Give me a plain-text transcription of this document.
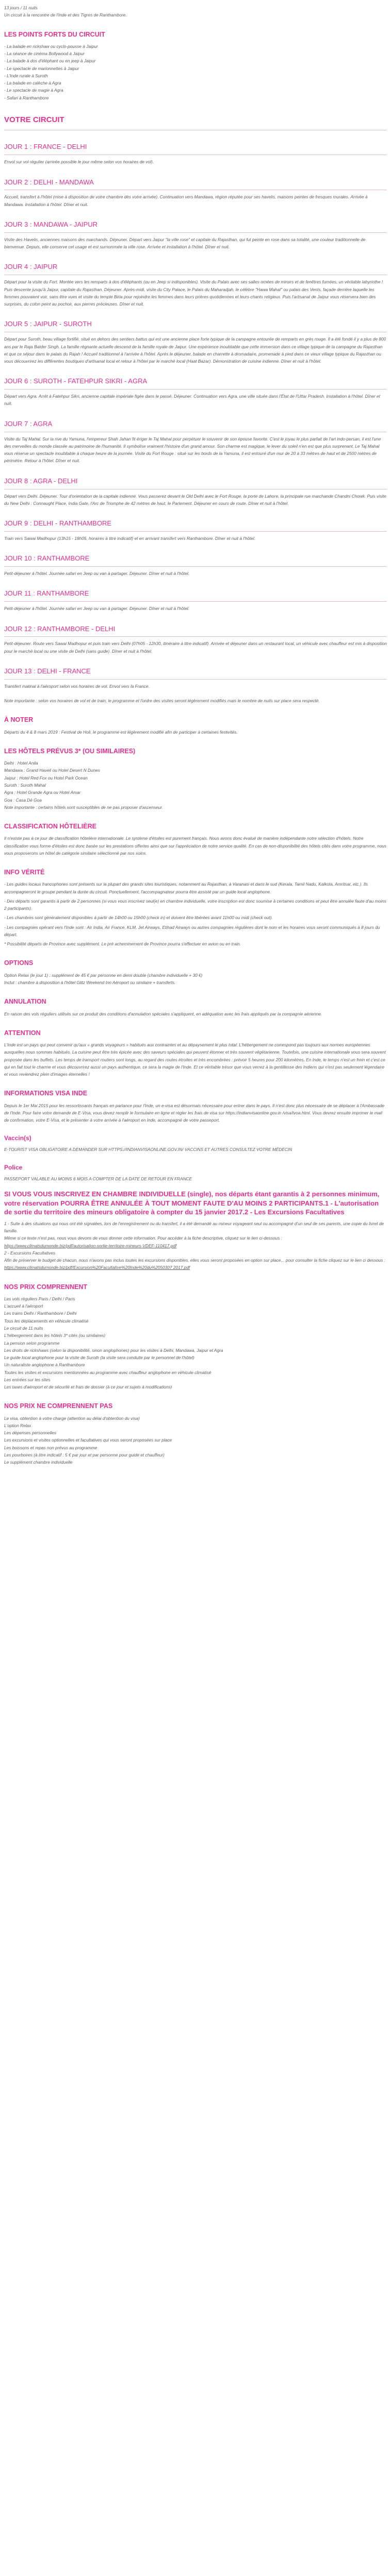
13 jours / 11 nuits
Un circuit à la rencontre de l'Inde et des Tigres de Ranthambore.
LES POINTS FORTS DU CIRCUIT
- La balade en rickshaw ou cyclo-pousse à Jaipur
- La séance de cinéma Bollywood à Jaipur
- La balade à dos d'éléphant ou en jeep à Jaipur
- Le spectacle de marionnettes à Jaipur
- L'Inde rurale à Suroth
- La balade en calèche à Agra
- Le spectacle de magie à Agra
- Safari à Ranthambore
VOTRE CIRCUIT
JOUR 1 : FRANCE - DELHI
Envol sur vol régulier (arrivée possible le jour même selon vos horaires de vol).
JOUR 2 : DELHI - MANDAWA
Accueil, transfert à l'hôtel (mise à disposition de votre chambre dès votre arrivée). Continuation vers Mandawa, région réputée pour ses havelis, maisons peintes de fresques murales. Arrivée à Mandawa. Installation à l'hôtel. Dîner et nuit.
JOUR 3 : MANDAWA - JAIPUR
Visite des Havelis, anciennes maisons des marchands. Déjeuner. Départ vers Jaipur "la ville rose" et capitale du Rajasthan, qui fut peinte en rose dans sa totalité, une couleur traditionnelle de bienvenue. Depuis, elle conserve cet usage et est surnommée la ville rose. Arrivée et installation à l'hôtel. Dîner et nuit.
JOUR 4 : JAIPUR
Départ pour la visite du Fort. Montée vers les remparts à dos d'éléphants (ou en Jeep si indisponibles). Visite du Palais avec ses salles ornées de miroirs et de fenêtres fumées, un véritable labyrinthe ! Puis descente jusqu'à Jaipur, capitale du Rajasthan. Déjeuner. Après-midi, visite du City Palace, le Palais du Maharadjah, le célèbre "Hawa Mahal" ou palais des Vents, façade derrière laquelle les femmes pouvaient voir, sans être vues et visite du temple Birla pour rejoindre les femmes dans leurs prières quotidiennes et leurs chants religieux. Puis l'artisanat de Jaipur vous réservera bien des surprises, du coton peint au pochoir, aux pierres précieuses. Dîner et nuit.
JOUR 5 : JAIPUR - SUROTH
Départ pour Suroth, beau village fortifié, situé en dehors des sentiers battus qui est une ancienne place forte typique de la campagne entourée de remparts en grès rouge. Il a été fondé il y a plus de 800 ans par le Raja Balder Singh. La famille régnante actuelle descend de la famille royale de Jaipur. Une expérience inoubliable que cette immersion dans ce village typique de la campagne du Rajasthan et que ce séjour dans le palais du Rajah ! Accueil traditionnel à l'arrivée à l'hôtel. Après le déjeuner, balade en charrette à dromadaire, promenade à pied dans ce vieux village typique du Rajasthan ou vous découvrirez les différentes boutiques d'artisanat local et retour à l'hôtel par le marché local (Haat Bazar). Démonstration de cuisine indienne. Dîner et nuit à l'hôtel.
JOUR 6 : SUROTH - FATEHPUR SIKRI - AGRA
Départ vers Agra. Arrêt à Fatehpur Sikri, ancienne capitale impériale figée dans le passé. Déjeuner. Continuation vers Agra, une ville située dans l'État de l'Uttar Pradesh. Installation à l'hôtel. Dîner et nuit.
JOUR 7 : AGRA
Visite du Taj Mahal. Sur la rive du Yamuna, l'empereur Shah Jahan fit ériger le Taj Mahal pour perpétuer le souvenir de son épouse favorite. C'est le joyau le plus parfait de l'art indo-persan, il est l'une des merveilles du monde classée au patrimoine de l'humanité. Il symbolise vraiment l'histoire d'un grand amour. Son charme est magique, le lever du soleil n'en est que plus surprenant. Le Taj Mahal vous réserve un spectacle inoubliable à chaque heure de la journée. Visite du Fort Rouge : situé sur les bords de la Yamuna, il est entouré d'un mur de 20 à 33 mètres de haut et de 2500 mètres de périmètre. Retour à l'hôtel. Dîner et nuit.
JOUR 8 : AGRA - DELHI
Départ vers Delhi. Déjeuner. Tour d'orientation de la capitale indienne. Vous passerez devant le Old Delhi avec le Fort Rouge, la porte de Lahore, la principale rue marchande Chandni Chowk. Puis visite du New Delhi : Connaught Place, India Gate, l'Arc de Triomphe de 42 mètres de haut, le Parlement. Déjeuner en cours de route. Dîner et nuit à l'hôtel.
JOUR 9 : DELHI - RANTHAMBORE
Train vers Sawai Madhopur (13h15 - 18h05, horaires à titre indicatif) et en arrivant transfert vers Ranthambore. Dîner et nuit à l'hôtel.
JOUR 10 : RANTHAMBORE
Petit-déjeuner à l'hôtel. Journée safari en Jeep ou van à partager. Déjeuner. Dîner et nuit à l'hôtel.
JOUR 11 : RANTHAMBORE
Petit-déjeuner à l'hôtel. Journée safari en Jeep ou van à partager. Déjeuner. Dîner et nuit à l'hôtel.
JOUR 12 : RANTHAMBORE - DELHI
Petit-déjeuner. Route vers Sawai Madhopur et puis train vers Delhi (07h05 - 12h30, itinéraire à titre indicatif). Arrivée et déjeuner dans un restaurant local, un véhicule avec chauffeur est mis à disposition pour le marché local ou une visite de Delhi (sans guide). Dîner et nuit à l'hôtel.
JOUR 13 : DELHI - FRANCE
Transfert matinal à l'aéroport selon vos horaires de vol. Envol vers la France.
Note importante : selon vos horaires de vol et de train, le programme et l'ordre des visites seront légèrement modifiés mais le nombre de nuits sur place sera respecté.
À NOTER
Départs du 4 & 8 mars 2019 : Festival de Holi, le programme est légèrement modifié afin de participer à certaines festivités.
LES HÔTELS PRÉVUS 3* (OU SIMILAIRES)
Delhi : Hotel Anila
Mandawa : Grand Haveli ou Hotel Desert N Dunes
Jaipur : Hotel Red Fox ou Hotel Park Ocean
Suroth : Suroth Mahal
Agra : Hotel Grande Agra ou Hotel Amar
Goa : Casa Dé Goa
Note importante : certains hôtels sont susceptibles de ne pas proposer d'ascenseur.
CLASSIFICATION HÔTELIÈRE
Il n'existe pas à ce jour de classification hôtelière internationale. Le système d'étoiles est purement français. Nous avons donc évalué de manière indépendante notre sélection d'hôtels. Notre classification vous forme d'étoiles est donc basée sur les prestations offertes ainsi que sur l'appréciation de notre service qualité. En cas de non-disponibilité des hôtels cités dans votre programme, nous vous proposerons un hôtel de catégorie similaire sélectionné par nos soins.
INFO VÉRITÉ
- Les guides locaux francophones sont présents sur la plupart des grands sites touristiques, notamment au Rajasthan, à Varanasi et dans le sud (Kerala, Tamil Nadu, Kalkota, Amritsar, etc.). Ils accompagneront le groupe pendant la durée du circuit. Ponctuellement, l'accompagnateur pourra être assisté par un guide local anglophone.
- Des départs sont garantis à partir de 2 personnes (si vous vous inscrivez seul(e) en chambre individuelle, votre inscription est donc soumise à certaines conditions et peut être annulée faute d'au moins 2 participants).
- Les chambres sont généralement disponibles à partir de 14h00 ou 15h00 (check in) et doivent être libérées avant 11h00 ou midi (check out).
- Les compagnies opérant vers l'Inde sont : Air India, Air France, KLM, Jet Airways, Etihad Airways ou autres compagnies régulières dont le nom et les horaires vous seront communiqués à 8 jours du départ.
* Possibilité départs de Province avec supplément. Le pré acheminement de Province pourra s'effectuer en avion ou en train.
OPTIONS
Option Relax (le jour 1) : supplément de 45 € par personne en demi double (chambre individuelle + 30 €)
Inclut : chambre à disposition à l'hôtel Glitz Weekend Inn Aéroport ou similaire + transferts.
ANNULATION
En raison des vols réguliers utilisés sur ce produit des conditions d'annulation spéciales s'appliquent, en adéquation avec les frais appliqués par la compagnie aérienne.
ATTENTION
L'Inde est un pays qui peut convenir qu'aux « grands voyageurs » habitués aux contraintes et au dépaysement le plus total. L'hébergement ne correspond pas toujours aux normes européennes auxquelles nous sommes habitués. La cuisine peut être très épicée avec des saveurs spéciales qui peuvent étonner et très souvent végétarienne. Toutefois, une cuisine internationale vous sera souvent proposée dans les buffets. Les temps de transport routiers sont longs, au regard des routes étroites et très encombrées : prévoir 5 heures pour 200 kilomètres. En Inde, le temps n'est un frein et c'est ce qui en fait tout le charme et vous découvrirez aussi un pays authentique, ce sera la magie de l'Inde. Et ce véritable trésor que vous verrez à la gentillesse des Indiens qui n'est pas seulement légendaire et vous reviendrez plein d'images éternelles !
INFORMATIONS VISA INDE
Depuis le 1er Mai 2015 pour les ressortissants français en partance pour l'Inde, un e-visa est désormais nécessaire pour entrer dans le pays. Il n'est donc plus nécessaire de se déplacer à l'Ambassade de l'Inde. Pour faire votre demande de E-Visa, vous devez remplir le formulaire en ligne et régler les frais de visa sur https://indianvisaonline.gov.in /visa/tvoa.html. Vous devrez ensuite imprimer le mail de confirmation, votre E-Visa, et le présenter à votre arrivée à l'aéroport en Inde, accompagné de votre passeport.
Vaccin(s)
E-TOURIST VISA OBLIGATOIRE A DEMANDER SUR HTTPS://INDIANVISAONLINE.GOV.IN/ VACCINS ET AUTRES CONSULTEZ VOTRE MÉDECIN
Police
PASSEPORT VALABLE AU MOINS 6 MOIS A COMPTER DE LA DATE DE RETOUR EN FRANCE
SI VOUS VOUS INSCRIVEZ EN CHAMBRE INDIVIDUELLE (single), nos départs étant garantis à 2 personnes minimum, votre réservation POURRA ÊTRE ANNULÉE À TOUT MOMENT FAUTE D'AU MOINS 2 PARTICIPANTS.1 - L'autorisation de sortie du territoire des mineurs obligatoire à compter du 15 janvier 2017.2 - Les Excursions Facultatives
1 - Suite à des situations qui nous ont été signalées, lors de l'enregistrement ou du transfert, il a été demandé au mineur voyageant seul ou accompagné d'un seul de ses parents, une copie du livret de famille.
Même si ce texte n'est pas, nous vous devons de vous donner cette information. Pour accéder à la fiche descriptive, cliquez sur le lien ci-dessous :
https://www.climatsdumonde.biz/pdf/autorisation-sortie-territoire-mineurs-VDEF-110417.pdf
2 - Excursions Facultatives
Afin de préserver le budget de chacun, nous n'avons pas inclus toutes les excursions disponibles, elles vous seront proposées en option sur place... pour consulter la fiche cliquez sur le lien ci dessous :
https://www.climatsdumonde.biz/pdf/Excursion%20Facultative%20Inde%20du%2050307 2017.pdf
NOS PRIX COMPRENNENT
Les vols réguliers Paris / Delhi / Paris
L'accueil à l'aéroport
Les trains Delhi / Ranthambore / Delhi
Tous les déplacements en véhicule climatisé
Le circuit de 11 nuits
L'hébergement dans les hôtels 3* cités (ou similaires)
La pension selon programme
Les droits de rickshaws (selon la disponibilité, sinon anglophones) pour les visites à Delhi, Mandawa, Jaipur et Agra
Le guide local anglophone pour la visite de Suroth (la visite sera conduite par le personnel de l'hôtel)
Un naturaliste anglophone à Ranthambore
Toutes les visites et excursions mentionnées au programme avec chauffeur anglophone en véhicule climatisé
Les entrées sur les sites
Les taxes d'aéroport et de sécurité et frais de dossier (à ce jour et sujets à modifications)
NOS PRIX NE COMPRENNENT PAS
Le visa, obtention à votre charge (attention au délai d'obtention du visa)
L'option Relax
Les dépenses personnelles
Les excursions et visites optionnelles et facultatives qui vous seront proposées sur place
Les boissons et repas non prévus au programme
Les pourboires (à titre indicatif : 5 € par jour et par personne pour guide et chauffeur)
Le supplément chambre individuelle
